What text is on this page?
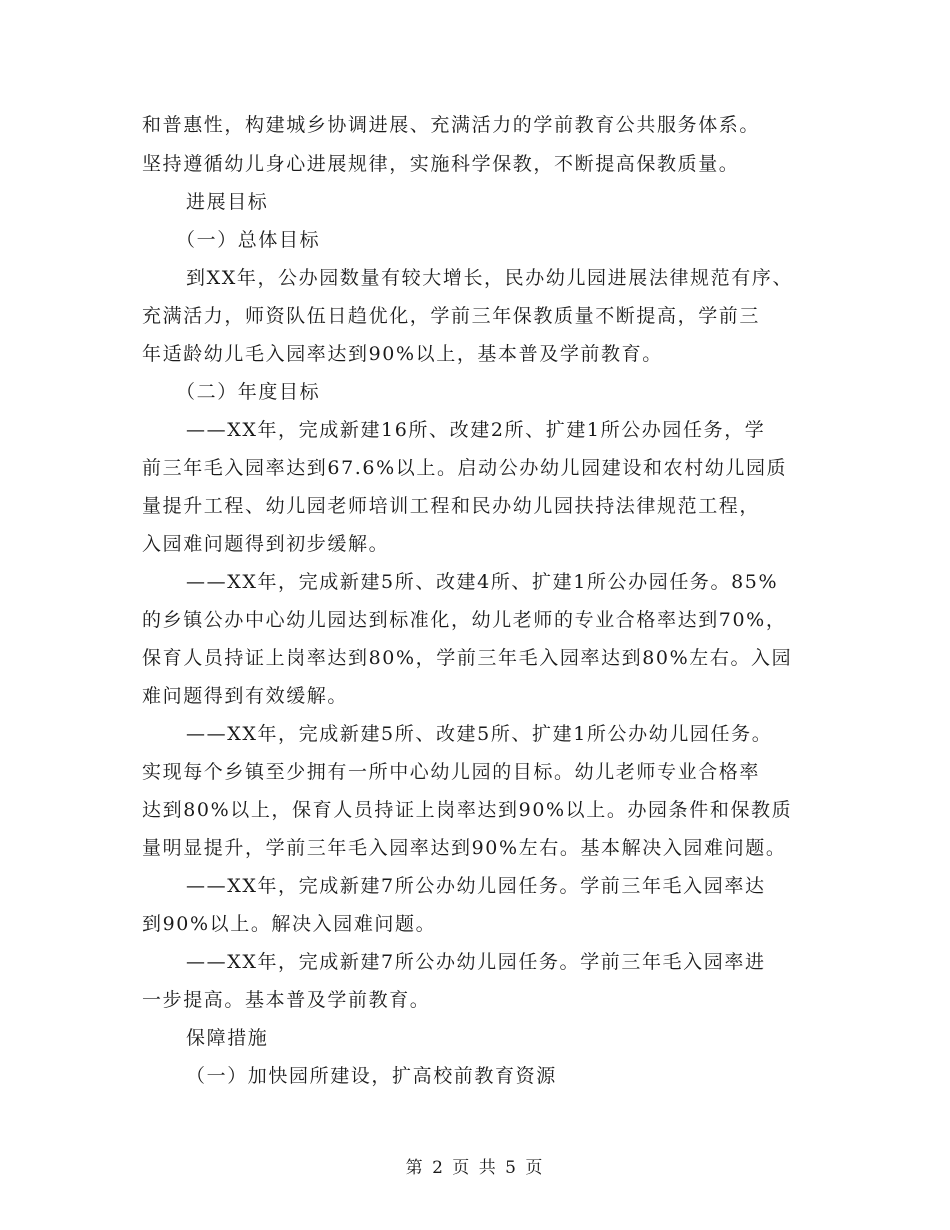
和普惠性，构建城乡协调进展、充满活力的学前教育公共服务体系。
坚持遵循幼儿身心进展规律，实施科学保教，不断提高保教质量。
进展目标
（一）总体目标
到XX年，公办园数量有较大增长，民办幼儿园进展法律规范有序、
充满活力，师资队伍日趋优化，学前三年保教质量不断提高，学前三
年适龄幼儿毛入园率达到90%以上，基本普及学前教育。
（二）年度目标
——XX年，完成新建16所、改建2所、扩建1所公办园任务，学
前三年毛入园率达到67.6%以上。启动公办幼儿园建设和农村幼儿园质
量提升工程、幼儿园老师培训工程和民办幼儿园扶持法律规范工程，
入园难问题得到初步缓解。
——XX年，完成新建5所、改建4所、扩建1所公办园任务。85%
的乡镇公办中心幼儿园达到标准化，幼儿老师的专业合格率达到70%，
保育人员持证上岗率达到80%，学前三年毛入园率达到80%左右。入园
难问题得到有效缓解。
——XX年，完成新建5所、改建5所、扩建1所公办幼儿园任务。
实现每个乡镇至少拥有一所中心幼儿园的目标。幼儿老师专业合格率
达到80%以上，保育人员持证上岗率达到90%以上。办园条件和保教质
量明显提升，学前三年毛入园率达到90%左右。基本解决入园难问题。
——XX年，完成新建7所公办幼儿园任务。学前三年毛入园率达
到90%以上。解决入园难问题。
——XX年，完成新建7所公办幼儿园任务。学前三年毛入园率进
一步提高。基本普及学前教育。
保障措施
（一）加快园所建设，扩高校前教育资源
第 2 页 共 5 页
